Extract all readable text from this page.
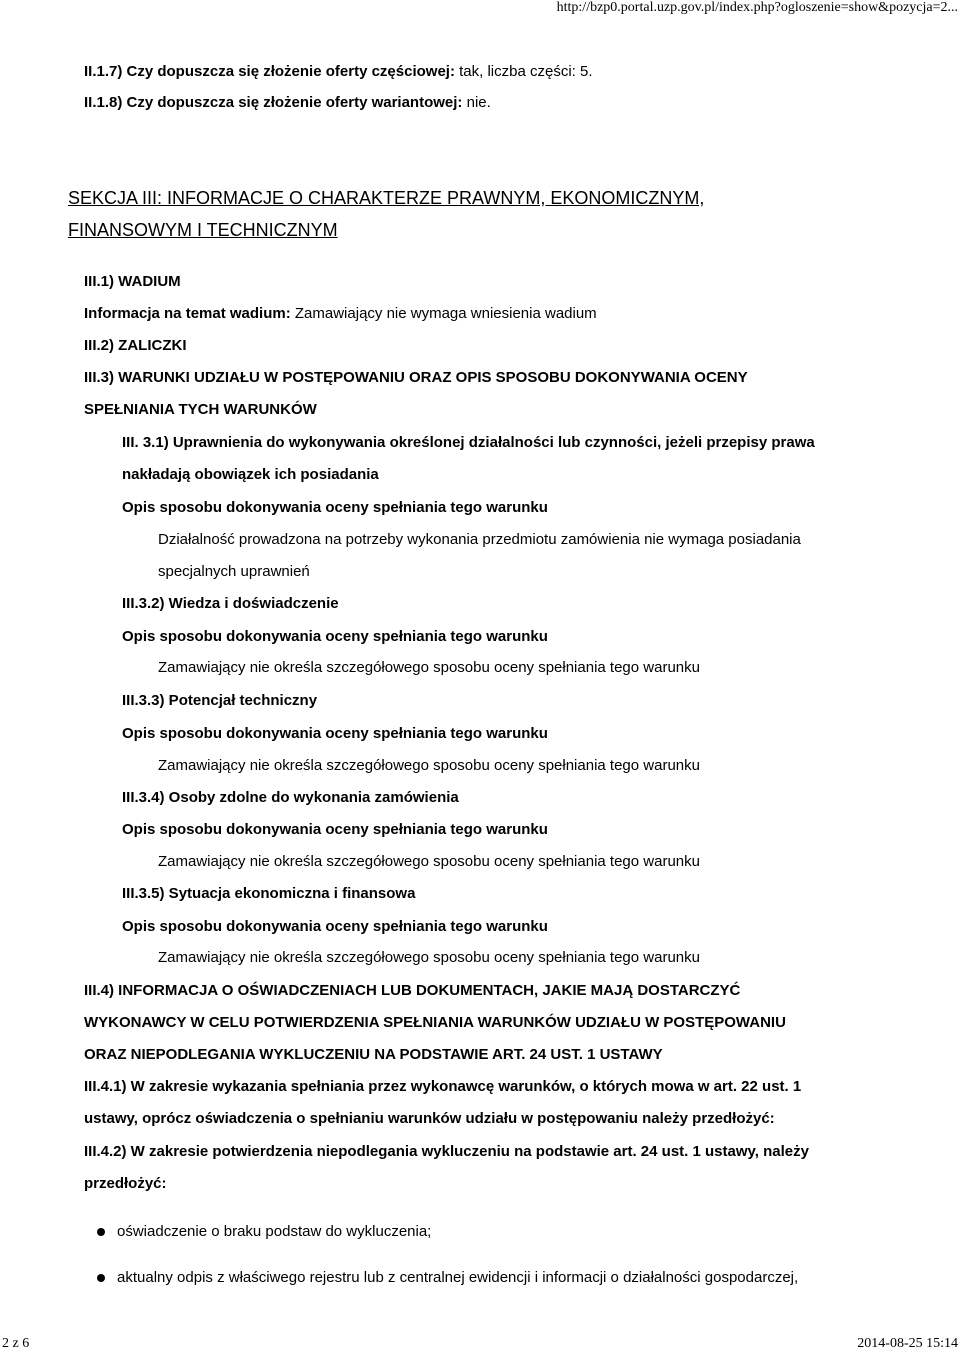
http://bzp0.portal.uzp.gov.pl/index.php?ogloszenie=show&pozycja=2...
II.1.7) Czy dopuszcza się złożenie oferty częściowej: tak, liczba części: 5.
II.1.8) Czy dopuszcza się złożenie oferty wariantowej: nie.
SEKCJA III: INFORMACJE O CHARAKTERZE PRAWNYM, EKONOMICZNYM,
FINANSOWYM I TECHNICZNYM
III.1) WADIUM
Informacja na temat wadium: Zamawiający nie wymaga wniesienia wadium
III.2) ZALICZKI
III.3) WARUNKI UDZIAŁU W POSTĘPOWANIU ORAZ OPIS SPOSOBU DOKONYWANIA OCENY
SPEŁNIANIA TYCH WARUNKÓW
III. 3.1) Uprawnienia do wykonywania określonej działalności lub czynności, jeżeli przepisy prawa
nakładają obowiązek ich posiadania
Opis sposobu dokonywania oceny spełniania tego warunku
Działalność prowadzona na potrzeby wykonania przedmiotu zamówienia nie wymaga posiadania
specjalnych uprawnień
III.3.2) Wiedza i doświadczenie
Opis sposobu dokonywania oceny spełniania tego warunku
Zamawiający nie określa szczegółowego sposobu oceny spełniania tego warunku
III.3.3) Potencjał techniczny
Opis sposobu dokonywania oceny spełniania tego warunku
Zamawiający nie określa szczegółowego sposobu oceny spełniania tego warunku
III.3.4) Osoby zdolne do wykonania zamówienia
Opis sposobu dokonywania oceny spełniania tego warunku
Zamawiający nie określa szczegółowego sposobu oceny spełniania tego warunku
III.3.5) Sytuacja ekonomiczna i finansowa
Opis sposobu dokonywania oceny spełniania tego warunku
Zamawiający nie określa szczegółowego sposobu oceny spełniania tego warunku
III.4) INFORMACJA O OŚWIADCZENIACH LUB DOKUMENTACH, JAKIE MAJĄ DOSTARCZYĆ
WYKONAWCY W CELU POTWIERDZENIA SPEŁNIANIA WARUNKÓW UDZIAŁU W POSTĘPOWANIU
ORAZ NIEPODLEGANIA WYKLUCZENIU NA PODSTAWIE ART. 24 UST. 1 USTAWY
III.4.1) W zakresie wykazania spełniania przez wykonawcę warunków, o których mowa w art. 22 ust. 1
ustawy, oprócz oświadczenia o spełnianiu warunków udziału w postępowaniu należy przedłożyć:
III.4.2) W zakresie potwierdzenia niepodlegania wykluczeniu na podstawie art. 24 ust. 1 ustawy, należy
przedłożyć:
oświadczenie o braku podstaw do wykluczenia;
aktualny odpis z właściwego rejestru lub z centralnej ewidencji i informacji o działalności gospodarczej,
2 z 6	2014-08-25 15:14
